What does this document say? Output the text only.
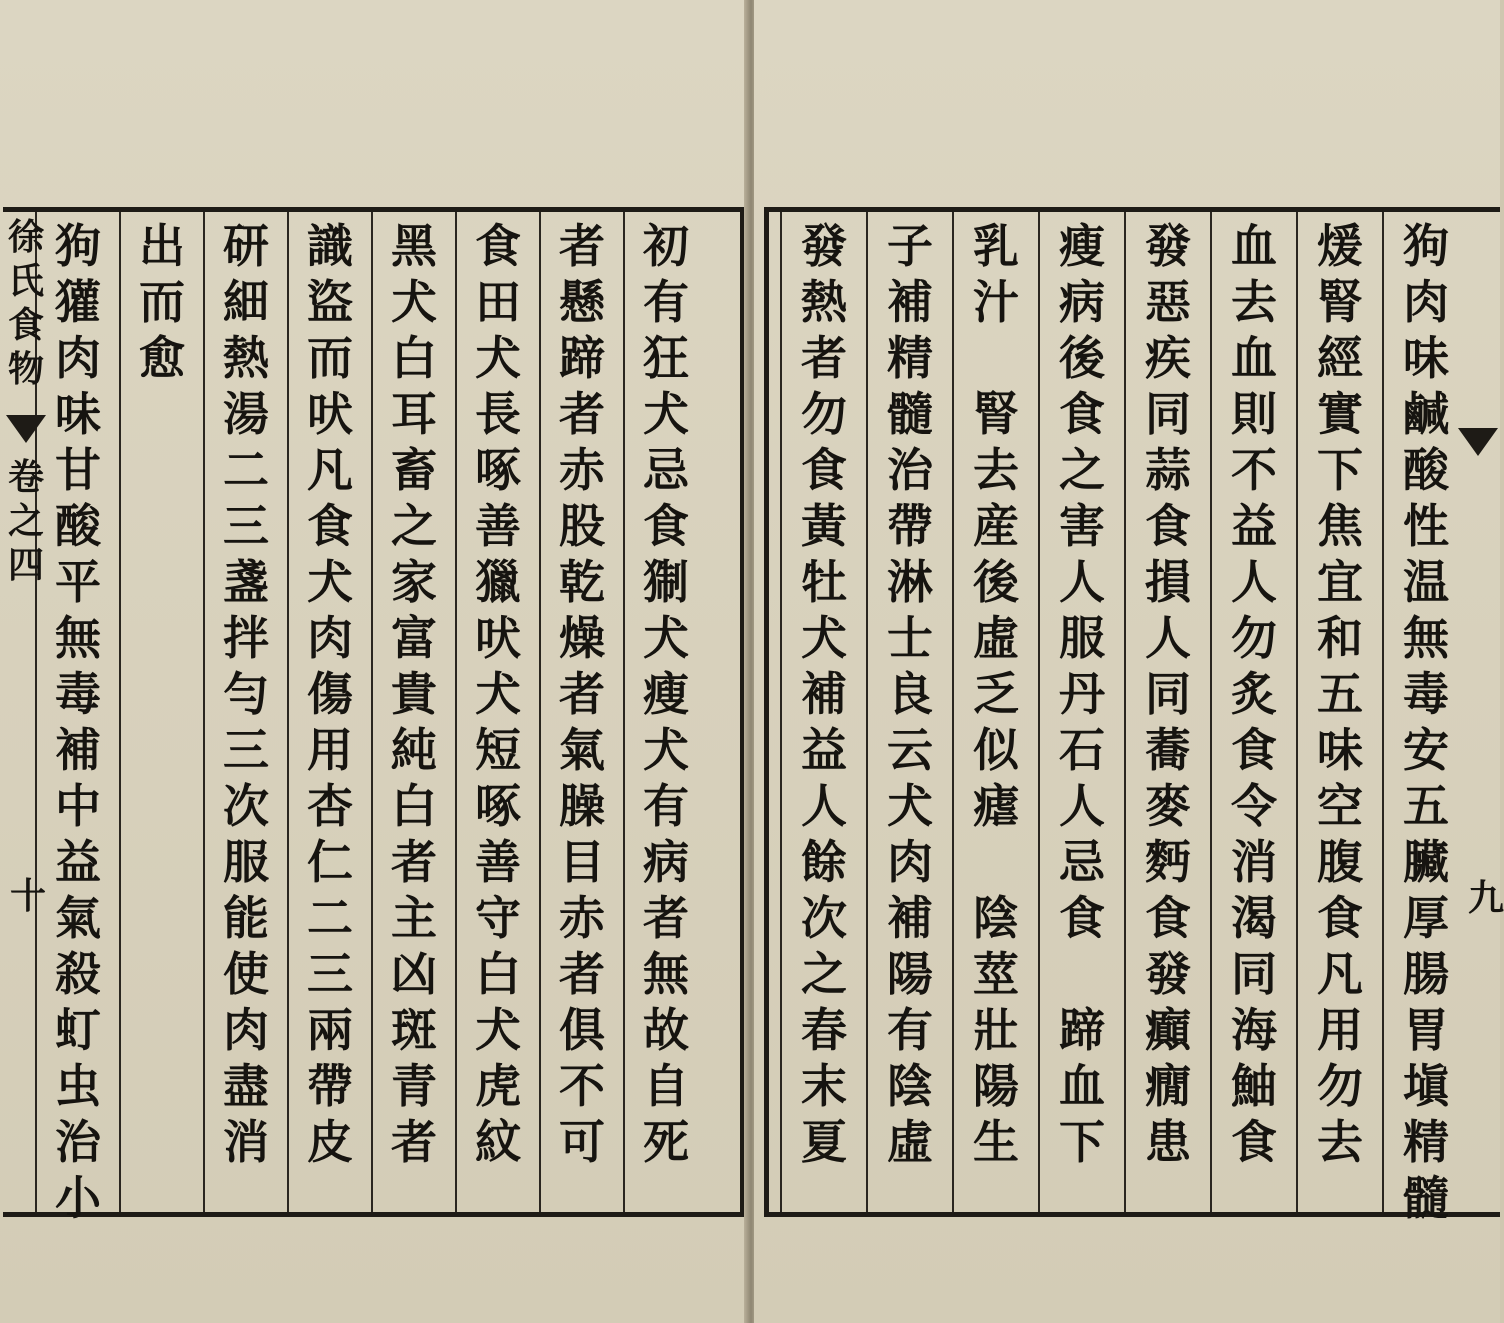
初
有
狂
犬
忌
食
猘
犬
瘦
犬
有
病
者
無
故
自
死
者
懸
蹄
者
赤
股
乾
燥
者
氣
臊
目
赤
者
俱
不
可
食
田
犬
長
啄
善
獵
吠
犬
短
啄
善
守
白
犬
虎
紋
黑
犬
白
耳
畜
之
家
富
貴
純
白
者
主
凶
斑
青
者
識
盜
而
吠
凡
食
犬
肉
傷
用
杏
仁
二
三
兩
帶
皮
研
細
熱
湯
二
三
盞
拌
勻
三
次
服
能
使
肉
盡
消
出
而
愈
狗
獾
肉
味
甘
酸
平
無
毒
補
中
益
氣
殺
虰
虫
治
小
徐
氏
食
物
卷
之
四
十
狗
肉
味
鹹
酸
性
温
無
毒
安
五
臟
厚
腸
胃
塡
精
髓
煖
腎
經
實
下
焦
宜
和
五
味
空
腹
食
凡
用
勿
去
血
去
血
則
不
益
人
勿
炙
食
令
消
渴
同
海
鮋
食
發
惡
疾
同
蒜
食
損
人
同
蕎
麥
麪
食
發
癲
癇
患
瘦
病
後
食
之
害
人
服
丹
石
人
忌
食

蹄
血
下
乳
汁

腎
去
産
後
虛
乏
似
瘧

陰
莖
壯
陽
生
子
補
精
髓
治
帶
淋
士
良
云
犬
肉
補
陽
有
陰
虛
發
熱
者
勿
食
黃
牡
犬
補
益
人
餘
次
之
春
末
夏
九
